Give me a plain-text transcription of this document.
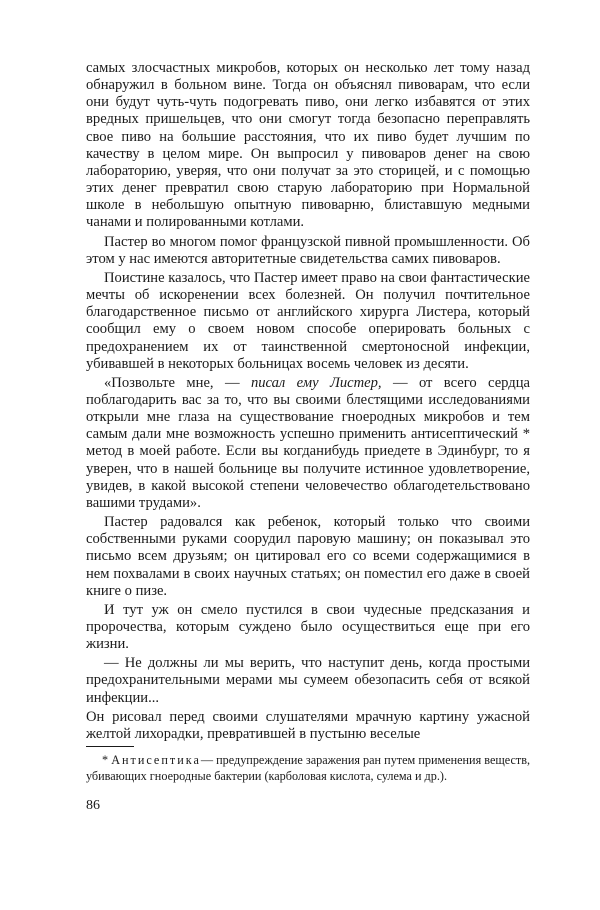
самых злосчастных микробов, которых он несколько лет тому назад обнаружил в больном вине. Тогда он объяснял пивоварам, что если они будут чуть-чуть подогревать пиво, они легко избавятся от этих вредных пришельцев, что они смогут тогда безопасно переправлять свое пиво на большие расстояния, что их пиво будет лучшим по качеству в целом мире. Он выпросил у пивоваров денег на свою лабораторию, уверяя, что они получат за это сторицей, и с помощью этих денег превратил свою старую лабораторию при Нормальной школе в небольшую опытную пивоварню, блиставшую медными чанами и полированными котлами.

Пастер во многом помог французской пивной промышленности. Об этом у нас имеются авторитетные свидетельства самих пивоваров.

Поистине казалось, что Пастер имеет право на свои фантастические мечты об искоренении всех болезней. Он получил почтительное благодарственное письмо от английского хирурга Листера, который сообщил ему о своем новом способе оперировать больных с предохранением их от таинственной смертоносной инфекции, убивавшей в некоторых больницах восемь человек из десяти.

«Позвольте мне, — писал ему Листер, — от всего сердца поблагодарить вас за то, что вы своими блестящими исследованиями открыли мне глаза на существование гноеродных микробов и тем самым дали мне возможность успешно применить антисептический * метод в моей работе. Если вы когданибудь приедете в Эдинбург, то я уверен, что в нашей больнице вы получите истинное удовлетворение, увидев, в какой высокой степени человечество облагодетельствовано вашими трудами».

Пастер радовался как ребенок, который только что своими собственными руками соорудил паровую машину; он показывал это письмо всем друзьям; он цитировал его со всеми содержащимися в нем похвалами в своих научных статьях; он поместил его даже в своей книге о пизе.

И тут уж он смело пустился в свои чудесные предсказания и пророчества, которым суждено было осуществиться еще при его жизни.

— Не должны ли мы верить, что наступит день, когда простыми предохранительными мерами мы сумеем обезопасить себя от всякой инфекции...

Он рисовал перед своими слушателями мрачную картину ужасной желтой лихорадки, превратившей в пустыню веселые

* Антисептика— предупреждение заражения ран путем применения веществ, убивающих гноеродные бактерии (карболовая кислота, сулема и др.).

86
